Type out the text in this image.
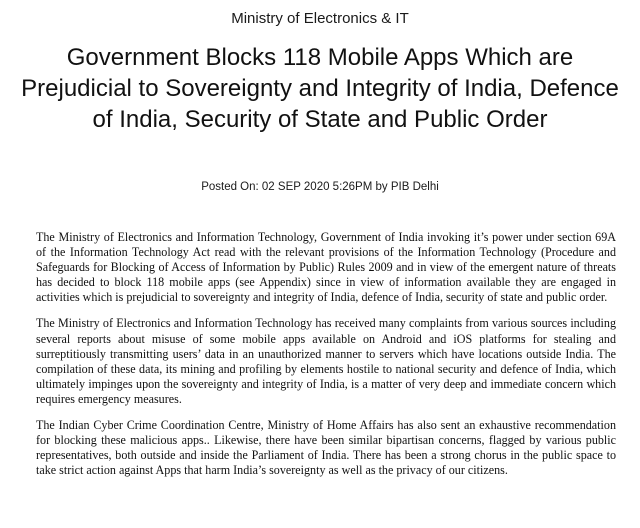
Ministry of Electronics & IT
Government Blocks 118 Mobile Apps Which are Prejudicial to Sovereignty and Integrity of India, Defence of India, Security of State and Public Order
Posted On: 02 SEP 2020 5:26PM by PIB Delhi

The Ministry of Electronics and Information Technology, Government of India invoking it’s power under section 69A of the Information Technology Act read with the relevant provisions of the Information Technology (Procedure and Safeguards for Blocking of Access of Information by Public) Rules 2009 and in view of the emergent nature of threats has decided to block 118 mobile apps (see Appendix) since in view of information available they are engaged in activities which is prejudicial to sovereignty and integrity of India, defence of India, security of state and public order.

The Ministry of Electronics and Information Technology has received many complaints from various sources including several reports about misuse of some mobile apps available on Android and iOS platforms for stealing and surreptitiously transmitting users’ data in an unauthorized manner to servers which have locations outside India. The compilation of these data, its mining and profiling by elements hostile to national security and defence of India, which ultimately impinges upon the sovereignty and integrity of India, is a matter of very deep and immediate concern which requires emergency measures.

The Indian Cyber Crime Coordination Centre, Ministry of Home Affairs has also sent an exhaustive recommendation for blocking these malicious apps.. Likewise, there have been similar bipartisan concerns, flagged by various public representatives, both outside and inside the Parliament of India. There has been a strong chorus in the public space to take strict action against Apps that harm India’s sovereignty as well as the privacy of our citizens.
